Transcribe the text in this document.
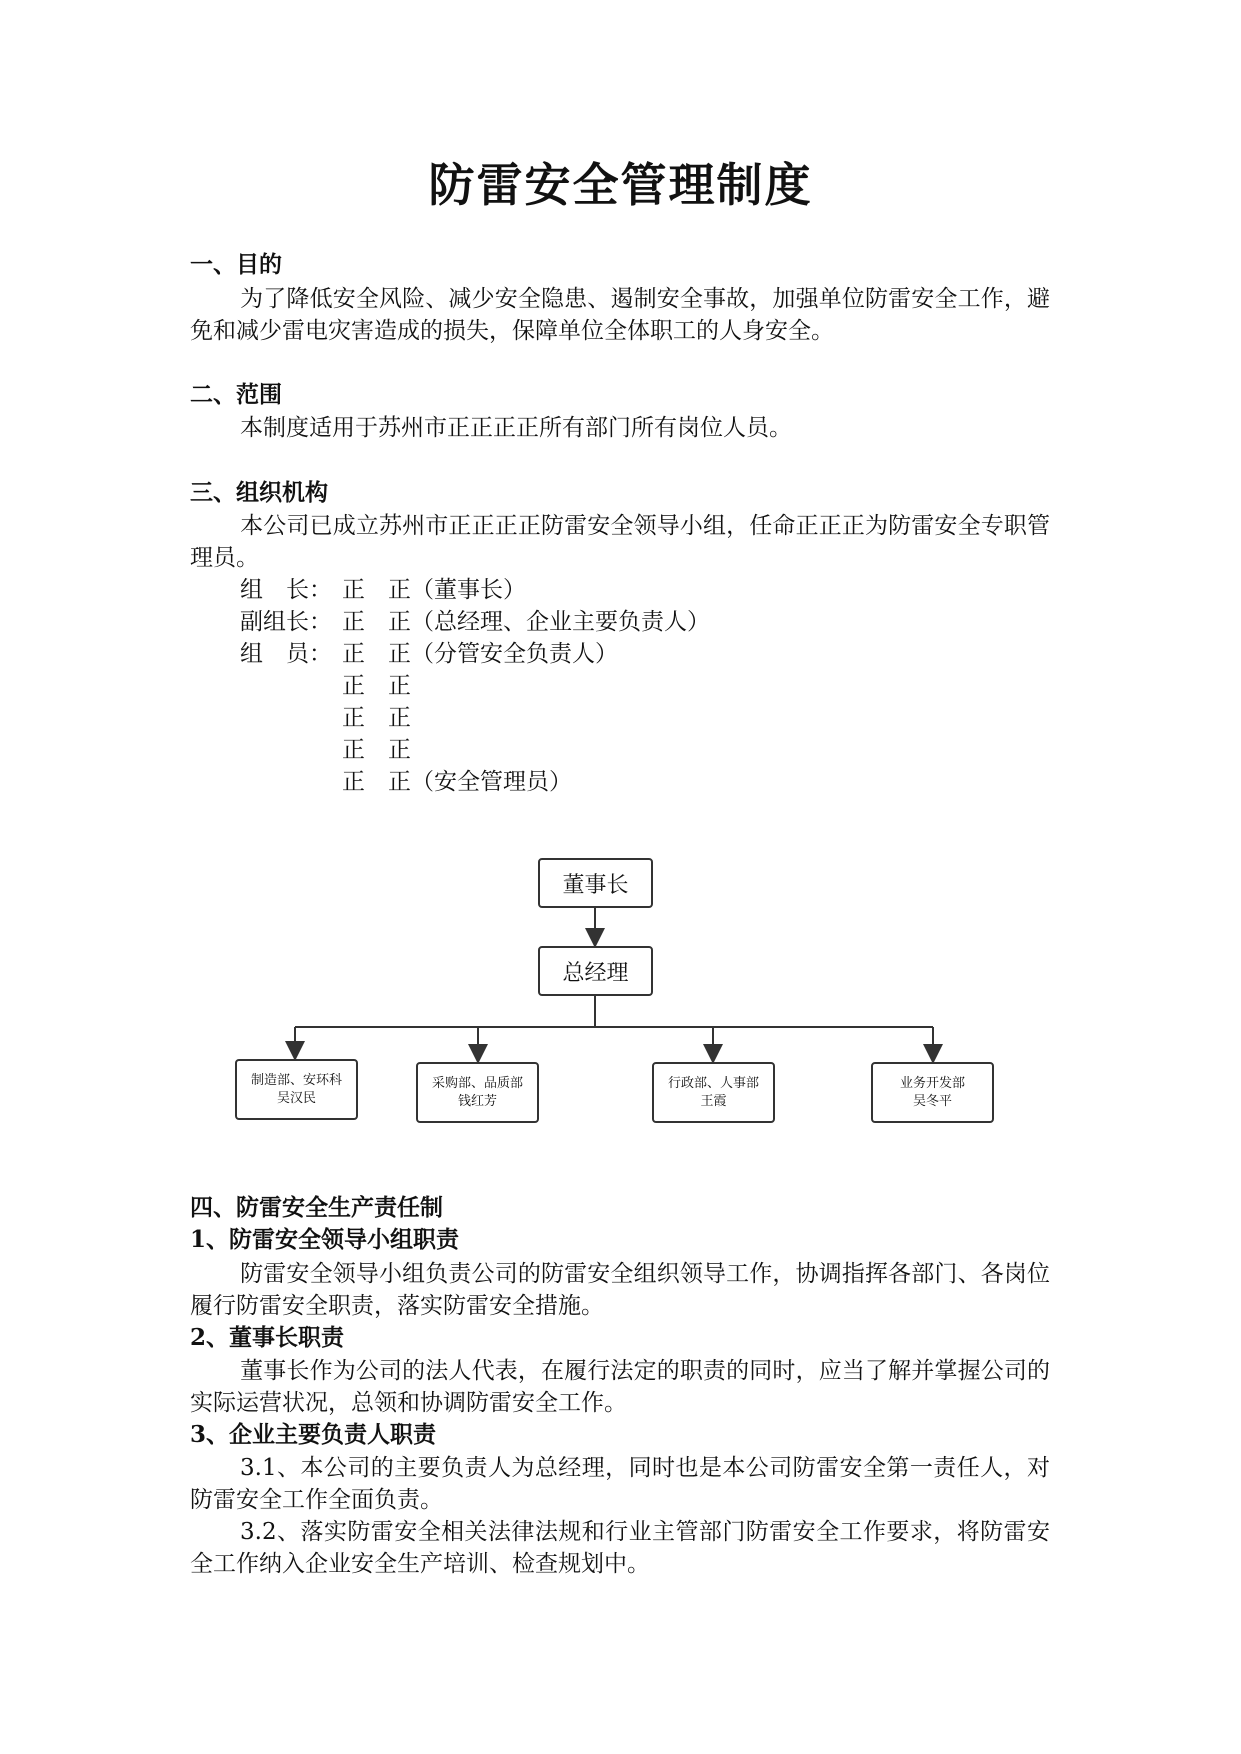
防雷安全管理制度
一、目的
为了降低安全风险、减少安全隐患、遏制安全事故，加强单位防雷安全工作，避免和减少雷电灾害造成的损失，保障单位全体职工的人身安全。
二、范围
本制度适用于苏州市正正正正所有部门所有岗位人员。
三、组织机构
本公司已成立苏州市正正正正防雷安全领导小组，任命正正正为防雷安全专职管理员。
组　长： 正　正（董事长）
副组长： 正　正（总经理、企业主要负责人）
组　员： 正　正（分管安全负责人）
正　正
正　正
正　正
正　正（安全管理员）
董事长
总经理
制造部、安环科
吴汉民
采购部、品质部
钱红芳
行政部、人事部
王霞
业务开发部
吴冬平
四、防雷安全生产责任制
1、防雷安全领导小组职责
防雷安全领导小组负责公司的防雷安全组织领导工作，协调指挥各部门、各岗位履行防雷安全职责，落实防雷安全措施。
2、董事长职责
董事长作为公司的法人代表，在履行法定的职责的同时，应当了解并掌握公司的实际运营状况，总领和协调防雷安全工作。
3、企业主要负责人职责
3.1、本公司的主要负责人为总经理，同时也是本公司防雷安全第一责任人，对防雷安全工作全面负责。
3.2、落实防雷安全相关法律法规和行业主管部门防雷安全工作要求，将防雷安全工作纳入企业安全生产培训、检查规划中。
